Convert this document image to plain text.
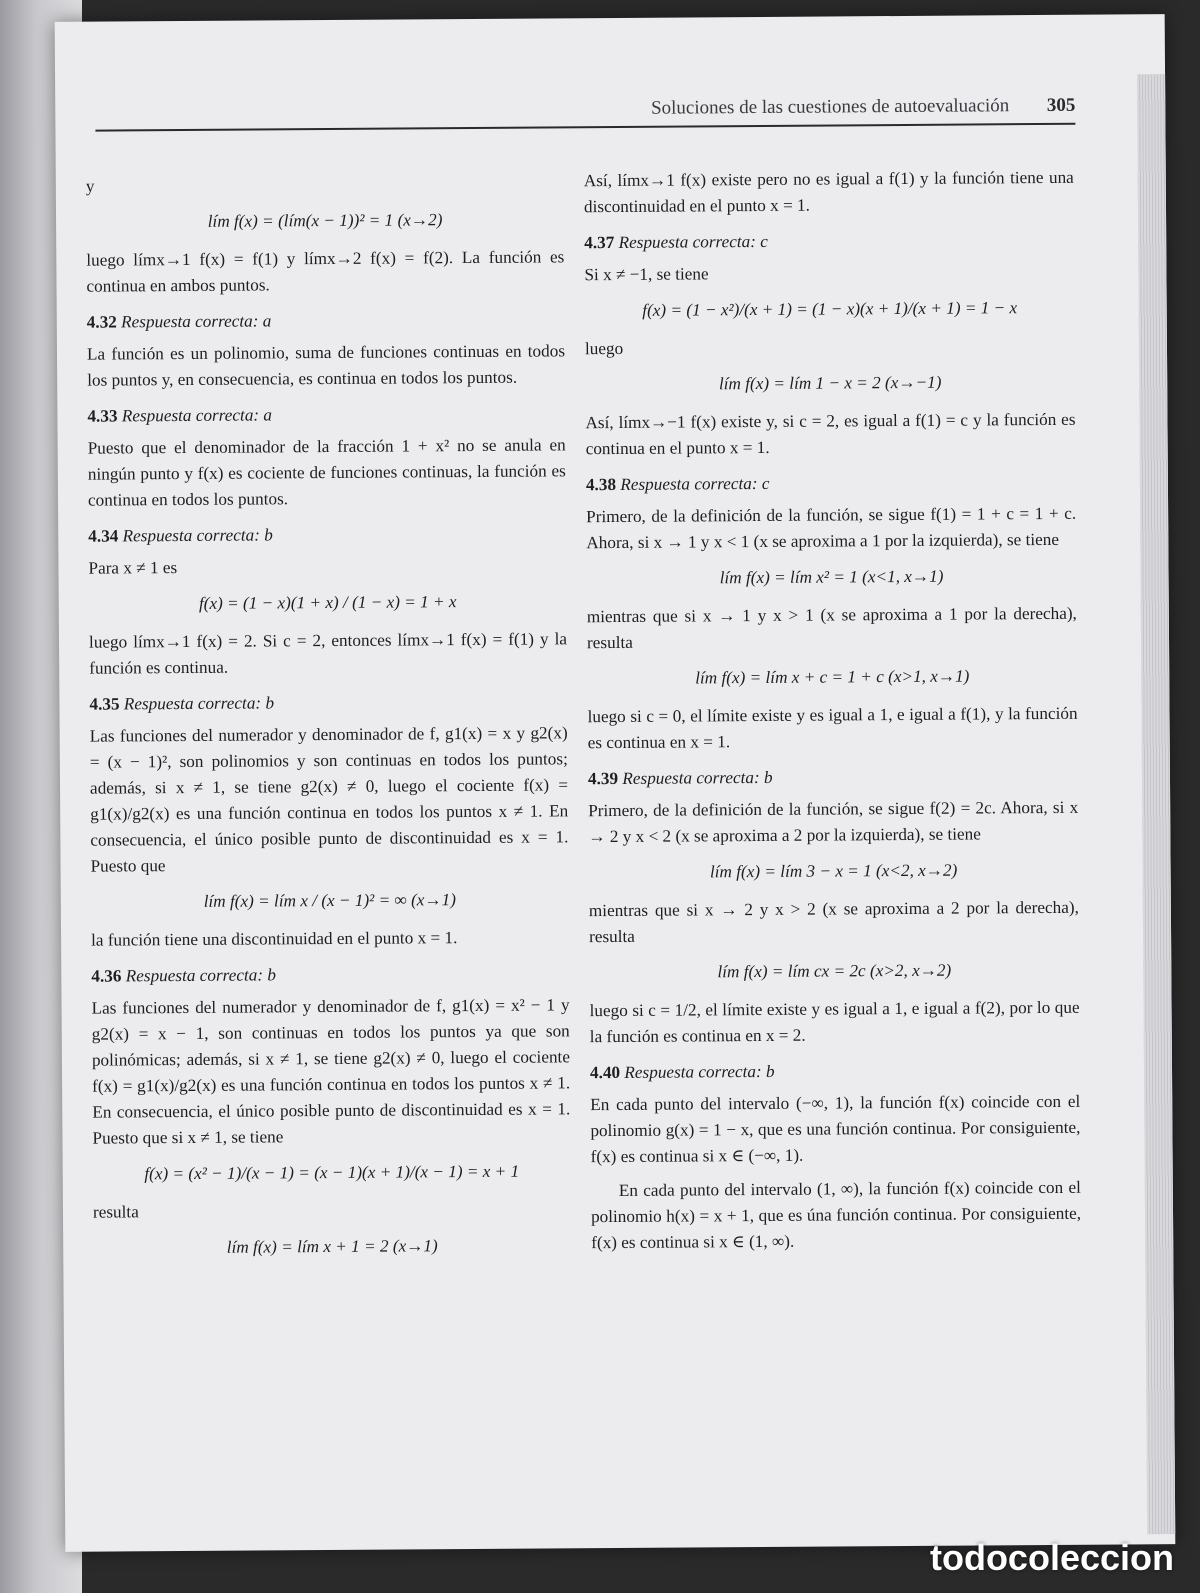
Soluciones de las cuestiones de autoevaluación 305
y
lím f(x) = (lím(x − 1))² = 1 (x→2)

luego límx→1 f(x) = f(1) y límx→2 f(x) = f(2). La función es continua en ambos puntos.

4.32 Respuesta correcta: a

La función es un polinomio, suma de funciones continuas en todos los puntos y, en consecuencia, es continua en todos los puntos.

4.33 Respuesta correcta: a

Puesto que el denominador de la fracción 1 + x² no se anula en ningún punto y f(x) es cociente de funciones continuas, la función es continua en todos los puntos.

4.34 Respuesta correcta: b

Para x ≠ 1 es

f(x) = (1 − x)(1 + x) / (1 − x) = 1 + x

luego límx→1 f(x) = 2. Si c = 2, entonces límx→1 f(x) = f(1) y la función es continua.

4.35 Respuesta correcta: b

Las funciones del numerador y denominador de f, g1(x) = x y g2(x) = (x − 1)², son polinomios y son continuas en todos los puntos; además, si x ≠ 1, se tiene g2(x) ≠ 0, luego el cociente f(x) = g1(x)/g2(x) es una función continua en todos los puntos x ≠ 1. En consecuencia, el único posible punto de discontinuidad es x = 1. Puesto que

lím f(x) = lím x / (x − 1)² = ∞ (x→1)

la función tiene una discontinuidad en el punto x = 1.

4.36 Respuesta correcta: b

Las funciones del numerador y denominador de f, g1(x) = x² − 1 y g2(x) = x − 1, son continuas en todos los puntos ya que son polinómicas; además, si x ≠ 1, se tiene g2(x) ≠ 0, luego el cociente f(x) = g1(x)/g2(x) es una función continua en todos los puntos x ≠ 1. En consecuencia, el único posible punto de discontinuidad es x = 1. Puesto que si x ≠ 1, se tiene

f(x) = (x² − 1)/(x − 1) = (x − 1)(x + 1)/(x − 1) = x + 1

resulta

lím f(x) = lím x + 1 = 2 (x→1)

Así, límx→1 f(x) existe pero no es igual a f(1) y la función tiene una discontinuidad en el punto x = 1.

4.37 Respuesta correcta: c

Si x ≠ −1, se tiene

f(x) = (1 − x²)/(x + 1) = (1 − x)(x + 1)/(x + 1) = 1 − x

luego

lím f(x) = lím 1 − x = 2 (x→−1)

Así, límx→−1 f(x) existe y, si c = 2, es igual a f(1) = c y la función es continua en el punto x = 1.

4.38 Respuesta correcta: c

Primero, de la definición de la función, se sigue f(1) = 1 + c = 1 + c. Ahora, si x → 1 y x < 1 (x se aproxima a 1 por la izquierda), se tiene

lím f(x) = lím x² = 1 (x<1, x→1)

mientras que si x → 1 y x > 1 (x se aproxima a 1 por la derecha), resulta

lím f(x) = lím x + c = 1 + c (x>1, x→1)

luego si c = 0, el límite existe y es igual a 1, e igual a f(1), y la función es continua en x = 1.

4.39 Respuesta correcta: b

Primero, de la definición de la función, se sigue f(2) = 2c. Ahora, si x → 2 y x < 2 (x se aproxima a 2 por la izquierda), se tiene

lím f(x) = lím 3 − x = 1 (x<2, x→2)

mientras que si x → 2 y x > 2 (x se aproxima a 2 por la derecha), resulta

lím f(x) = lím cx = 2c (x>2, x→2)

luego si c = 1/2, el límite existe y es igual a 1, e igual a f(2), por lo que la función es continua en x = 2.

4.40 Respuesta correcta: b

En cada punto del intervalo (−∞, 1), la función f(x) coincide con el polinomio g(x) = 1 − x, que es una función continua. Por consiguiente, f(x) es continua si x ∈ (−∞, 1).

En cada punto del intervalo (1, ∞), la función f(x) coincide con el polinomio h(x) = x + 1, que es úna función continua. Por consiguiente, f(x) es continua si x ∈ (1, ∞).

todocoleccion
